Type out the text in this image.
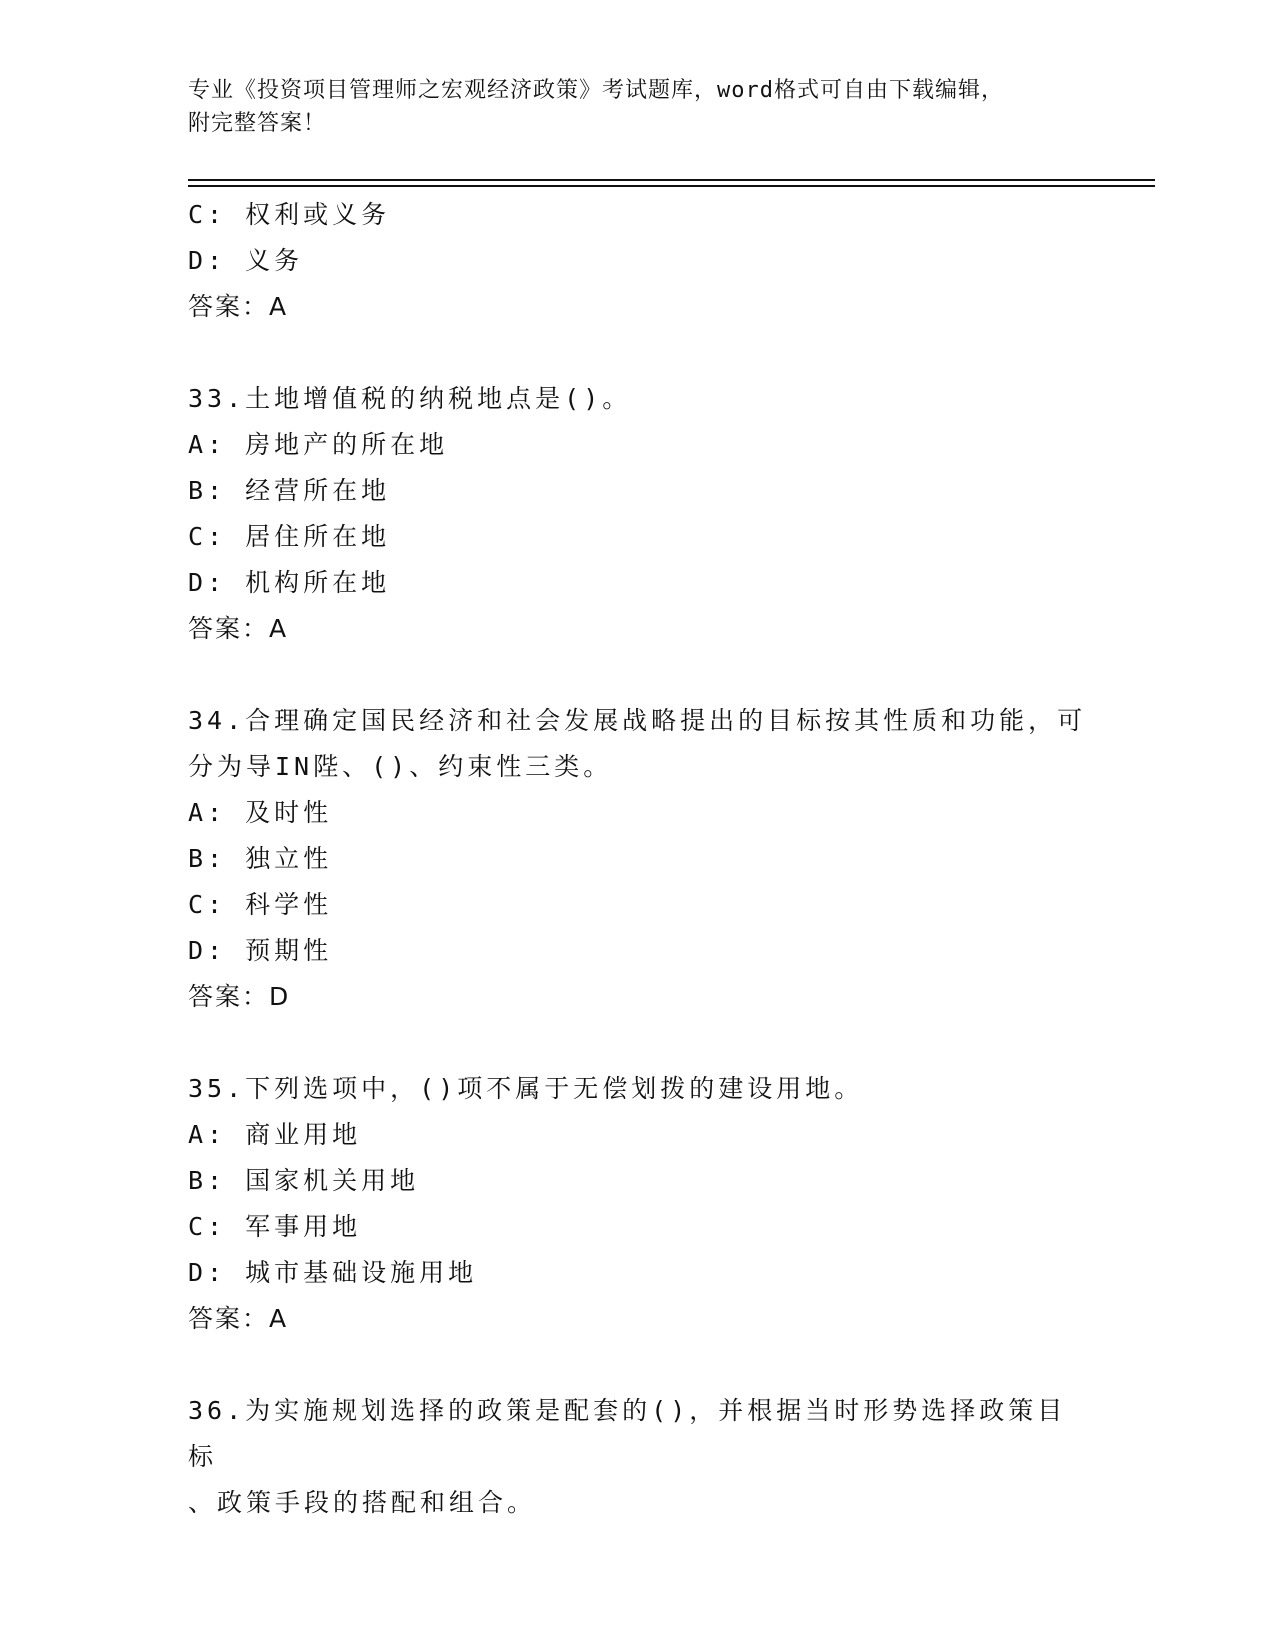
专业《投资项目管理师之宏观经济政策》考试题库，word格式可自由下载编辑，
附完整答案！
C: 权利或义务
D: 义务
答案：A
33.土地增值税的纳税地点是()。
A: 房地产的所在地
B: 经营所在地
C: 居住所在地
D: 机构所在地
答案：A
34.合理确定国民经济和社会发展战略提出的目标按其性质和功能，可
分为导IN陛、()、约束性三类。
A: 及时性
B: 独立性
C: 科学性
D: 预期性
答案：D
35.下列选项中，()项不属于无偿划拨的建设用地。
A: 商业用地
B: 国家机关用地
C: 军事用地
D: 城市基础设施用地
答案：A
36.为实施规划选择的政策是配套的()，并根据当时形势选择政策目标
、政策手段的搭配和组合。
